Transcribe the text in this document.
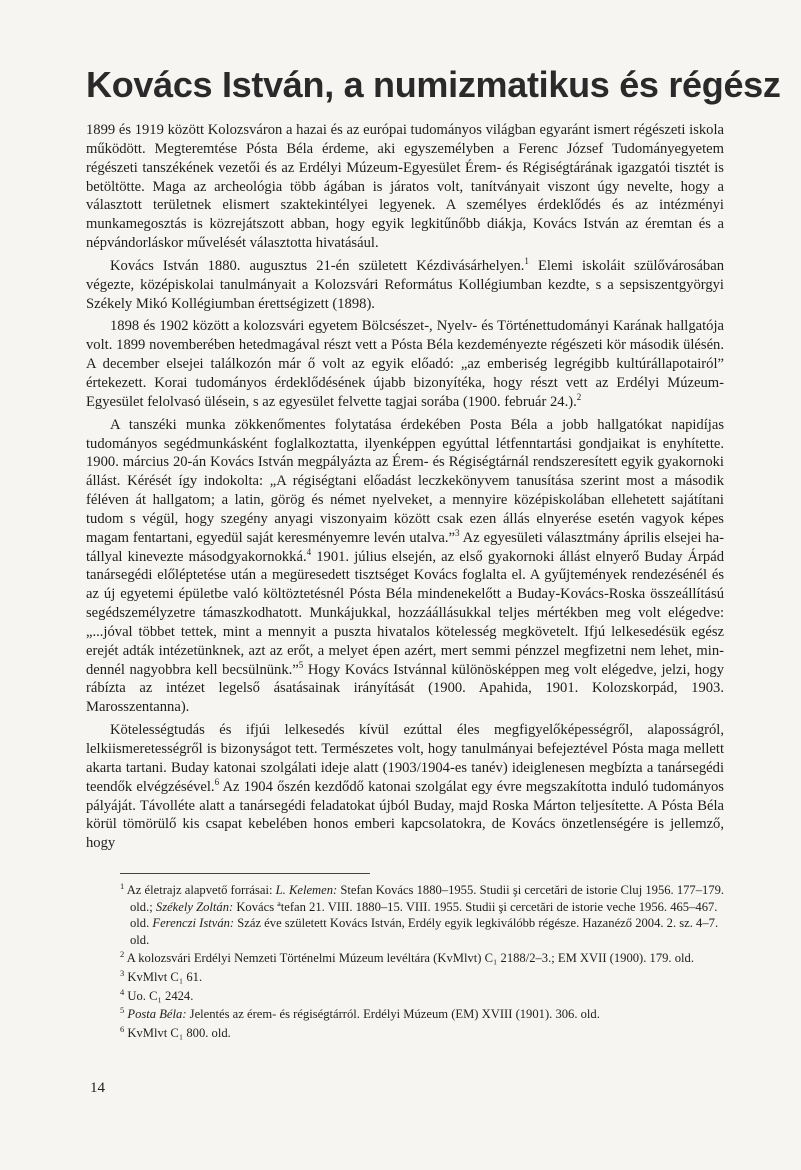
Kovács István, a numizmatikus és régész

1899 és 1919 között Kolozsváron a hazai és az európai tudományos világban egyaránt ismert régészeti iskola működött. Megteremtése Pósta Béla érdeme, aki egyszemélyben a Ferenc József Tudományegyetem régészeti tanszékének vezetői és az Erdélyi Múzeum-Egyesület Érem- és Régiségtárának igazgatói tisztét is betöltötte. Maga az archeológia több ágában is járatos volt, tanítványait viszont úgy nevelte, hogy a választott területnek elismert szaktekintélyei legyenek. A személyes érdeklődés és az intézményi munkamegosztás is közrejátszott abban, hogy egyik legkitűnőbb diákja, Kovács István az éremtan és a népvándorláskor művelését választotta hivatásául.

Kovács István 1880. augusztus 21-én született Kézdivásárhelyen.$^1$ Elemi iskoláit szülővárosában végezte, középiskolai tanulmányait a Kolozsvári Református Kollégiumban kezdte, s a sepsiszentgyörgyi Székely Mikó Kollégiumban érettségizett (1898).

1898 és 1902 között a kolozsvári egyetem Bölcsészet-, Nyelv- és Történettudományi Karának hallgatója volt. 1899 novemberében hetedmagával részt vett a Pósta Béla kezdeményezte régészeti kör második ülésén. A december elsejei találkozón már ő volt az egyik előadó: „az emberiség legrégibb kultúrállapotairól” értekezett. Korai tudományos érdeklődésének újabb bizonyítéka, hogy részt vett az Erdélyi Múzeum-Egyesület felolvasó ülésein, s az egyesület felvette tagjai sorába (1900. február 24.).$^2$

A tanszéki munka zökkenőmentes folytatása érdekében Posta Béla a jobb hallgatókat napidíjas tudományos segédmunkásként foglalkoztatta, ilyenképpen egyúttal létfenntartási gondjaikat is enyhítette. 1900. március 20-án Kovács István megpályázta az Érem- és Régiségtárnál rendszeresített egyik gyakornoki állást. Kérését így indokolta: „A régiségtani előadást leczkekönyvem tanusítása szerint most a második féléven át hallgatom; a latin, görög és német nyelveket, a mennyire középiskolában ellehetett sajátítani tudom s végül, hogy szegény anyagi viszonyaim között csak ezen állás elnyerése esetén vagyok képes magam fentartani, egyedül saját keresményemre levén utalva.”$^3$ Az egyesületi választmány április elsejei hatállyal kinevezte másodgyakornokká.$^4$ 1901. július elsején, az első gyakornoki állást elnyerő Buday Árpád tanársegédi előléptetése után a megüresedett tisztséget Kovács foglalta el. A gyűjtemények rendezésénél és az új egyetemi épületbe való költöztetésnél Pósta Béla mindenekelőtt a Buday-Kovács-Roska összeállítású segédszemélyzetre támaszkodhatott. Munkájukkal, hozzáállásukkal teljes mértékben meg volt elégedve: „...jóval többet tettek, mint a mennyit a puszta hivatalos kötelesség megkövetelt. Ifjú lelkesedésük egész erejét adták intézetünknek, azt az erőt, a melyet épen azért, mert semmi pénzzel megfizetni nem lehet, mindennél nagyobbra kell becsülnünk.”$^5$ Hogy Kovács Istvánnal különösképpen meg volt elégedve, jelzi, hogy rábízta az intézet legelső ásatásainak irányítását (1900. Apahida, 1901. Kolozskorpád, 1903. Marosszentanna).

Kötelességtudás és ifjúi lelkesedés kívül ezúttal éles megfigyelőképességről, alaposságról, lelkiismeretességről is bizonyságot tett. Természetes volt, hogy tanulmányai befejeztével Pósta maga mellett akarta tartani. Buday katonai szolgálati ideje alatt (1903/1904-es tanév) ideiglenesen megbízta a tanársegédi teendők elvégzésével.$^6$ Az 1904 őszén kezdődő katonai szolgálat egy évre megszakította induló tudományos pályáját. Távolléte alatt a tanársegédi feladatokat újból Buday, majd Roska Márton teljesítette. A Pósta Béla körül tömörülő kis csapat kebelében honos emberi kapcsolatokra, de Kovács önzetlenségére is jellemző, hogy

$^1$ Az életrajz alapvető forrásai: L. Kelemen: Stefan Kovács 1880–1955. Studii şi cercetări de istorie Cluj 1956. 177–179. old.; Székely Zoltán: Kovács ªtefan 21. VIII. 1880–15. VIII. 1955. Studii şi cercetări de istorie veche 1956. 465–467. old. Ferenczi István: Száz éve született Kovács István, Erdély egyik legkiválóbb régésze. Hazanéző 2004. 2. sz. 4–7. old.

$^2$ A kolozsvári Erdélyi Nemzeti Történelmi Múzeum levéltára (KvMlvt) C₁ 2188/2–3.; EM XVII (1900). 179. old.

$^3$ KvMlvt C₁ 61.

$^4$ Uo. C₁ 2424.

$^5$ Posta Béla: Jelentés az érem- és régiségtárról. Erdélyi Múzeum (EM) XVIII (1901). 306. old.

$^6$ KvMlvt C₁ 800. old.

14
